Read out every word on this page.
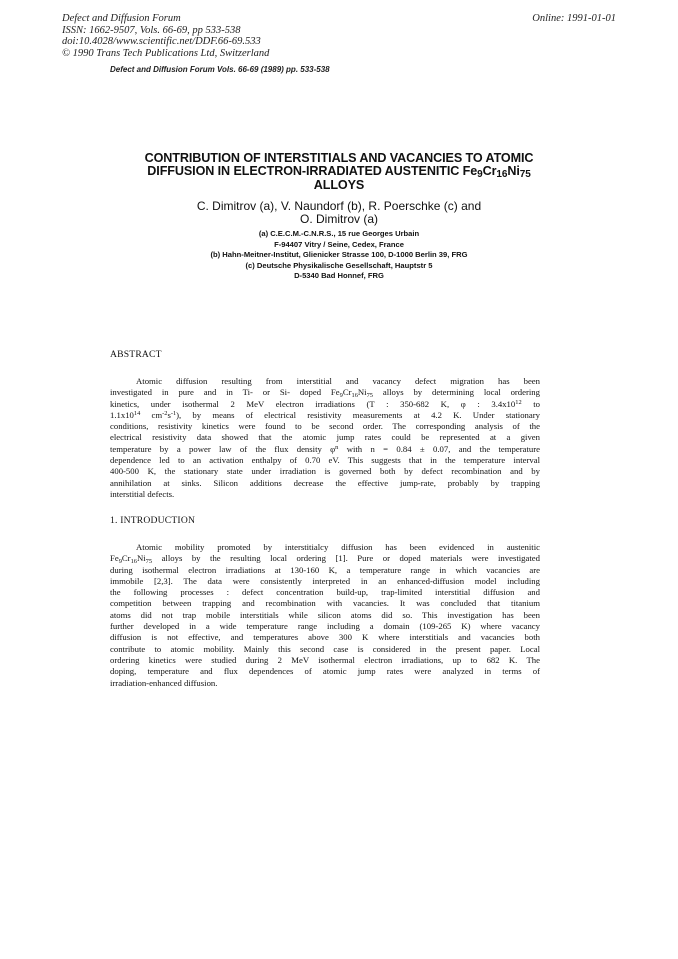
Defect and Diffusion Forum
ISSN: 1662-9507, Vols. 66-69, pp 533-538
doi:10.4028/www.scientific.net/DDF.66-69.533
© 1990 Trans Tech Publications Ltd, Switzerland
Online: 1991-01-01
Defect and Diffusion Forum Vols. 66-69 (1989) pp. 533-538
CONTRIBUTION OF INTERSTITIALS AND VACANCIES TO ATOMIC
DIFFUSION IN ELECTRON-IRRADIATED AUSTENITIC $Fe_9Cr_{16}Ni_{75}$
ALLOYS
C. Dimitrov (a), V. Naundorf (b), R. Poerschke (c) and
O. Dimitrov (a)
(a) C.E.C.M.-C.N.R.S., 15 rue Georges Urbain
F-94407 Vitry / Seine, Cedex, France
(b) Hahn-Meitner-Institut, Glienicker Strasse 100, D-1000 Berlin 39, FRG
(c) Deutsche Physikalische Gesellschaft, Hauptstr 5
D-5340 Bad Honnef, FRG
ABSTRACT
Atomic diffusion resulting from interstitial and vacancy defect migration has been
investigated in pure and in Ti- or Si- doped $Fe_9Cr_{16}Ni_{75}$ alloys by determining local ordering
kinetics, under isothermal 2 MeV electron irradiations (T : 350-682 K, φ : $3.4x10^{12}$ to
$1.1x10^{14}$ $cm^{-2}s^{-1}$), by means of electrical resistivity measurements at 4.2 K. Under stationary
conditions, resistivity kinetics were found to be second order. The corresponding analysis of the
electrical resistivity data showed that the atomic jump rates could be represented at a given
temperature by a power law of the flux density $\varphi^n$ with n = 0.84 ± 0.07, and the temperature
dependence led to an activation enthalpy of 0.70 eV. This suggests that in the temperature interval
400-500 K, the stationary state under irradiation is governed both by defect recombination and by
annihilation at sinks. Silicon additions decrease the effective jump-rate, probably by trapping
interstitial defects.
1. INTRODUCTION
Atomic mobility promoted by interstitialcy diffusion has been evidenced in austenitic
$Fe_9Cr_{16}Ni_{75}$ alloys by the resulting local ordering [1]. Pure or doped materials were investigated
during isothermal electron irradiations at 130-160 K, a temperature range in which vacancies are
immobile [2,3]. The data were consistently interpreted in an enhanced-diffusion model including
the following processes : defect concentration build-up, trap-limited interstitial diffusion and
competition between trapping and recombination with vacancies. It was concluded that titanium
atoms did not trap mobile interstitials while silicon atoms did so. This investigation has been
further developed in a wide temperature range including a domain (109-265 K) where vacancy
diffusion is not effective, and temperatures above 300 K where interstitials and vacancies both
contribute to atomic mobility. Mainly this second case is considered in the present paper. Local
ordering kinetics were studied during 2 MeV isothermal electron irradiations, up to 682 K. The
doping, temperature and flux dependences of atomic jump rates were analyzed in terms of
irradiation-enhanced diffusion.
